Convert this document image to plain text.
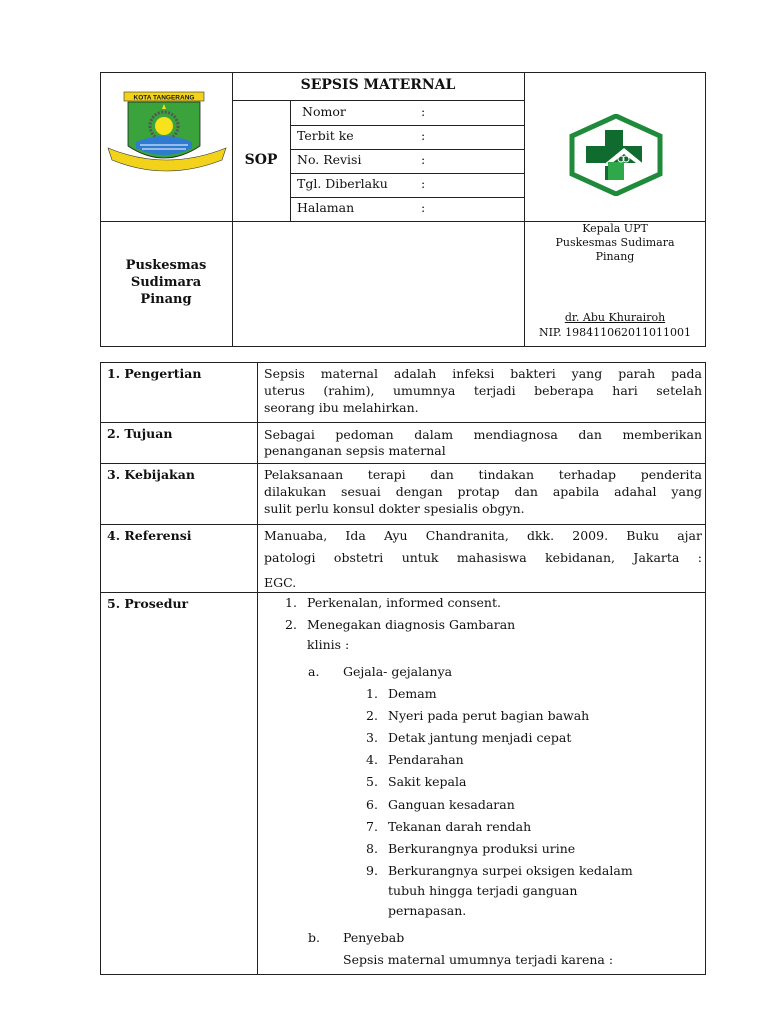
KOTA TANGERANG
SEPSIS MATERNAL
SOP
Puskesmas
Sudimara
Pinang
Kepala UPT
Puskesmas Sudimara
Pinang
dr. Abu Khurairoh
NIP. 198411062011011001
Nomor	:
Terbit ke	:
No. Revisi	:
Tgl. Diberlaku	:
Halaman	:
1. Pengertian	Sepsis maternal adalah infeksi bakteri yang parah pada
uterus (rahim), umumnya terjadi beberapa hari setelah
seorang ibu melahirkan.
2. Tujuan	Sebagai pedoman dalam mendiagnosa dan memberikan
penanganan sepsis maternal
3. Kebijakan	Pelaksanaan terapi dan tindakan terhadap penderita
dilakukan sesuai dengan protap dan apabila adahal yang
sulit perlu konsul dokter spesialis obgyn.
4. Referensi	Manuaba, Ida Ayu Chandranita, dkk. 2009. Buku ajar
patologi obstetri untuk mahasiswa kebidanan, Jakarta :
EGC.
5. Prosedur	1. Perkenalan, informed consent.
2. Menegakan diagnosis Gambaran
klinis :
a. Gejala- gejalanya
1. Demam
2. Nyeri pada perut bagian bawah
3. Detak jantung menjadi cepat
4. Pendarahan
5. Sakit kepala
6. Ganguan kesadaran
7. Tekanan darah rendah
8. Berkurangnya produksi urine
9. Berkurangnya surpei oksigen kedalam
tubuh hingga terjadi ganguan
pernapasan.
b. Penyebab
Sepsis maternal umumnya terjadi karena :
